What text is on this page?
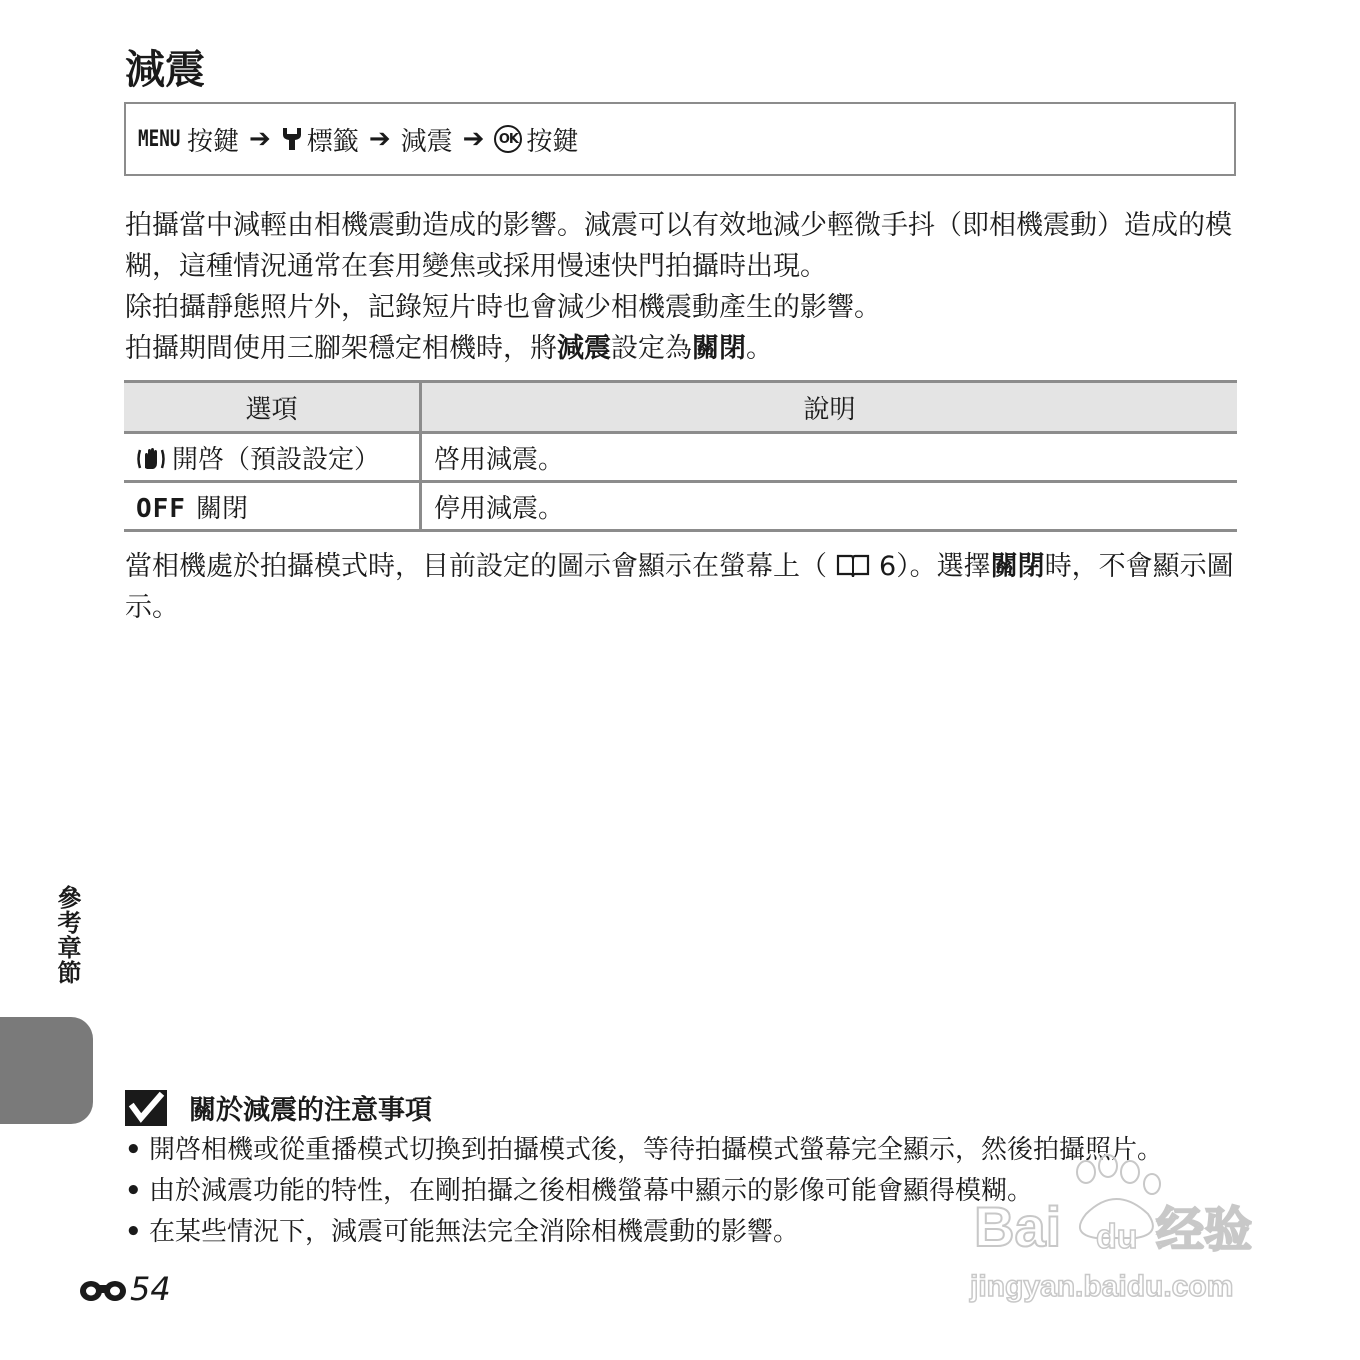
減震
MENU 按鍵 ➔ 標籤 ➔ 減震 ➔	OK 按鍵

拍攝當中減輕由相機震動造成的影響。減震可以有效地減少輕微手抖（即相機震動）造成的模糊，這種情況通常在套用變焦或採用慢速快門拍攝時出現。

除拍攝靜態照片外，記錄短片時也會減少相機震動產生的影響。

拍攝期間使用三腳架穩定相機時，將減震設定為關閉。

選項	說明
開啓（預設設定）	啓用減震。
OFF 關閉	停用減震。

當相機處於拍攝模式時，目前設定的圖示會顯示在螢幕上（ 6）。選擇關閉時，不會顯示圖示。

參考章節
關於減震的注意事項
• 開啓相機或從重播模式切換到拍攝模式後，等待拍攝模式螢幕完全顯示，然後拍攝照片。
• 由於減震功能的特性，在剛拍攝之後相機螢幕中顯示的影像可能會顯得模糊。
• 在某些情況下，減震可能無法完全消除相機震動的影響。
54
Bai du 经验
jingyan.baidu.com
